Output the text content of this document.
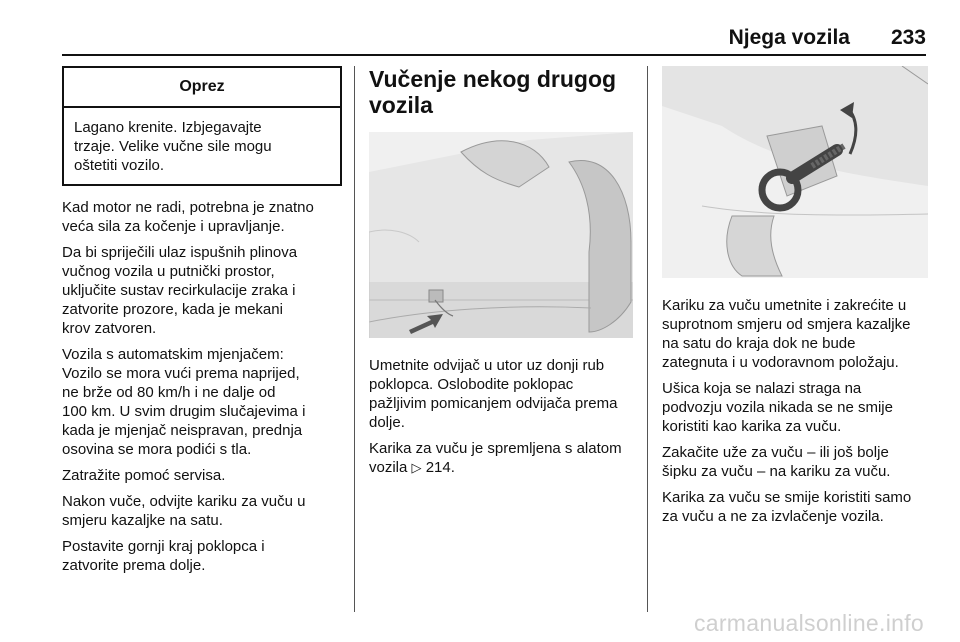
Njega vozila 233
Oprez
Lagano krenite. Izbjegavajte
trzaje. Velike vučne sile mogu
oštetiti vozilo.

Kad motor ne radi, potrebna je znatno
veća sila za kočenje i upravljanje.

Da bi spriječili ulaz ispušnih plinova
vučnog vozila u putnički prostor,
uključite sustav recirkulacije zraka i
zatvorite prozore, kada je mekani
krov zatvoren.

Vozila s automatskim mjenjačem:
Vozilo se mora vući prema naprijed,
ne brže od 80 km/h i ne dalje od
100 km. U svim drugim slučajevima i
kada je mjenjač neispravan, prednja
osovina se mora podići s tla.

Zatražite pomoć servisa.

Nakon vuče, odvijte kariku za vuču u
smjeru kazaljke na satu.

Postavite gornji kraj poklopca i
zatvorite prema dolje.

Vučenje nekog drugog
vozila

Umetnite odvijač u utor uz donji rub
poklopca. Oslobodite poklopac
pažljivim pomicanjem odvijača prema
dolje.

Karika za vuču je spremljena s alatom
vozila ▷ 214.

Kariku za vuču umetnite i zakrećite u
suprotnom smjeru od smjera kazaljke
na satu do kraja dok ne bude
zategnuta i u vodoravnom položaju.

Ušica koja se nalazi straga na
podvozju vozila nikada se ne smije
koristiti kao karika za vuču.

Zakačite uže za vuču – ili još bolje
šipku za vuču – na kariku za vuču.

Karika za vuču se smije koristiti samo
za vuču a ne za izvlačenje vozila.

carmanualsonline.info
